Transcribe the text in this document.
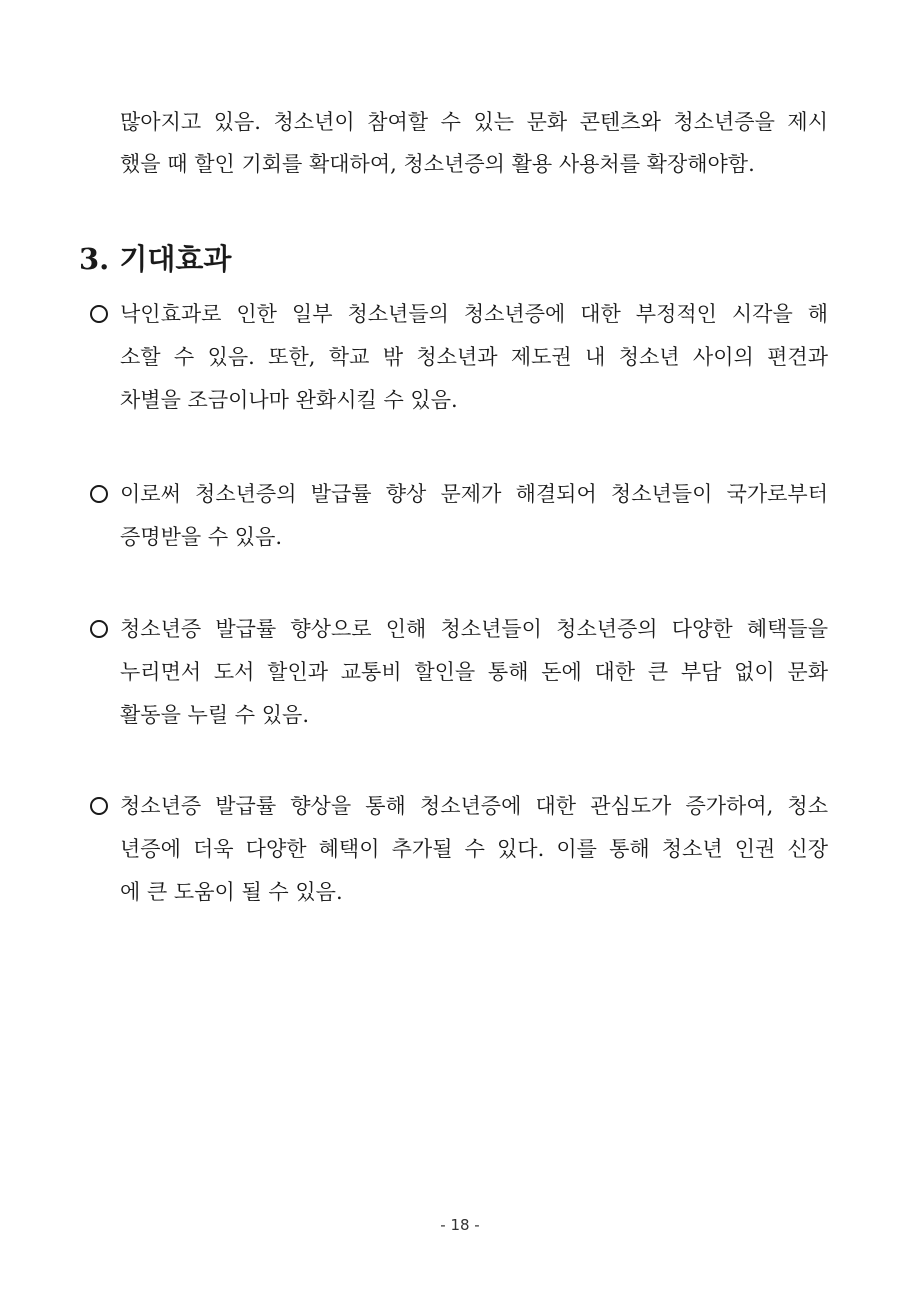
많아지고 있음. 청소년이 참여할 수 있는 문화 콘텐츠와 청소년증을 제시
했을 때 할인 기회를 확대하여, 청소년증의 활용 사용처를 확장해야함.
3. 기대효과
낙인효과로 인한 일부 청소년들의 청소년증에 대한 부정적인 시각을 해
소할 수 있음. 또한, 학교 밖 청소년과 제도권 내 청소년 사이의 편견과
차별을 조금이나마 완화시킬 수 있음.
이로써 청소년증의 발급률 향상 문제가 해결되어 청소년들이 국가로부터
증명받을 수 있음.
청소년증 발급률 향상으로 인해 청소년들이 청소년증의 다양한 혜택들을
누리면서 도서 할인과 교통비 할인을 통해 돈에 대한 큰 부담 없이 문화
활동을 누릴 수 있음.
청소년증 발급률 향상을 통해 청소년증에 대한 관심도가 증가하여, 청소
년증에 더욱 다양한 혜택이 추가될 수 있다. 이를 통해 청소년 인권 신장
에 큰 도움이 될 수 있음.
- 18 -
